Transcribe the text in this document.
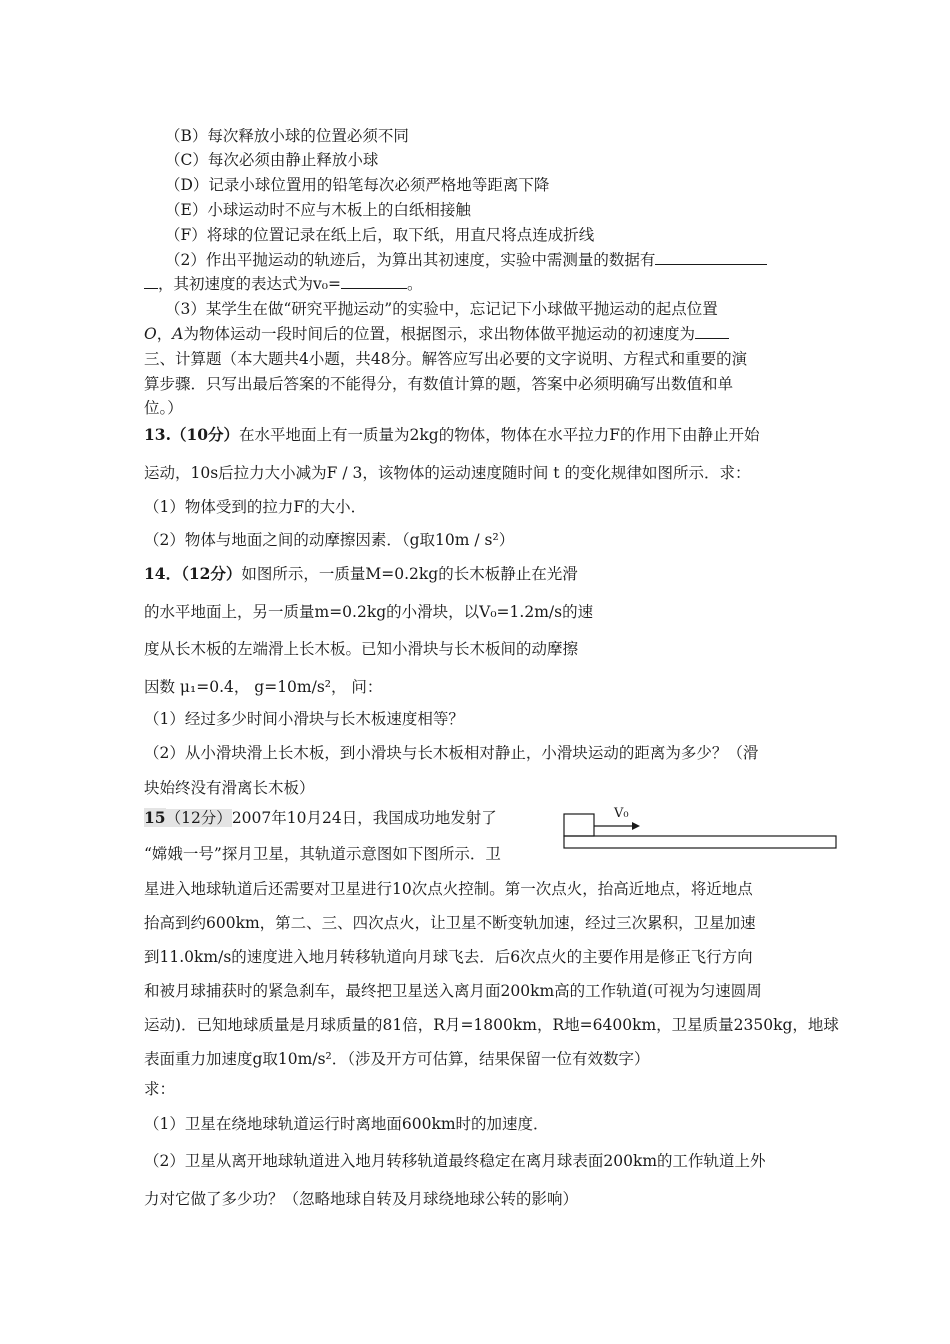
（B）每次释放小球的位置必须不同
（C）每次必须由静止释放小球
（D）记录小球位置用的铅笔每次必须严格地等距离下降
（E）小球运动时不应与木板上的白纸相接触
（F）将球的位置记录在纸上后，取下纸，用直尺将点连成折线
（2）作出平抛运动的轨迹后，为算出其初速度，实验中需测量的数据有
，其初速度的表达式为v₀=	。
（3）某学生在做“研究平抛运动”的实验中，忘记记下小球做平抛运动的起点位置
O，A为物体运动一段时间后的位置，根据图示，求出物体做平抛运动的初速度为
三、计算题（本大题共4小题，共48分。解答应写出必要的文字说明、方程式和重要的演
算步骤．只写出最后答案的不能得分，有数值计算的题，答案中必须明确写出数值和单
位。）
13.（10分）在水平地面上有一质量为2kg的物体，物体在水平拉力F的作用下由静止开始
运动，10s后拉力大小减为F / 3，该物体的运动速度随时间 t 的变化规律如图所示．求：
（1）物体受到的拉力F的大小．
（2）物体与地面之间的动摩擦因素．（g取10m / s²）
14．（12分）如图所示，一质量M=0.2kg的长木板静止在光滑
的水平地面上，另一质量m=0.2kg的小滑块，以V₀=1.2m/s的速
度从长木板的左端滑上长木板。已知小滑块与长木板间的动摩擦
因数 μ₁=0.4， g=10m/s²， 问：
（1）经过多少时间小滑块与长木板速度相等？
（2）从小滑块滑上长木板，到小滑块与长木板相对静止，小滑块运动的距离为多少？（滑
块始终没有滑离长木板）
V₀
15（12分）2007年10月24日，我国成功地发射了
“嫦娥一号”探月卫星，其轨道示意图如下图所示．卫
星进入地球轨道后还需要对卫星进行10次点火控制。第一次点火，抬高近地点，将近地点
抬高到约600km，第二、三、四次点火，让卫星不断变轨加速，经过三次累积，卫星加速
到11.0km/s的速度进入地月转移轨道向月球飞去．后6次点火的主要作用是修正飞行方向
和被月球捕获时的紧急刹车，最终把卫星送入离月面200km高的工作轨道(可视为匀速圆周
运动)．已知地球质量是月球质量的81倍，R月=1800km，R地=6400km，卫星质量2350kg，地球
表面重力加速度g取10m/s²．（涉及开方可估算，结果保留一位有效数字）
求：
（1）卫星在绕地球轨道运行时离地面600km时的加速度．
（2）卫星从离开地球轨道进入地月转移轨道最终稳定在离月球表面200km的工作轨道上外
力对它做了多少功？（忽略地球自转及月球绕地球公转的影响）
